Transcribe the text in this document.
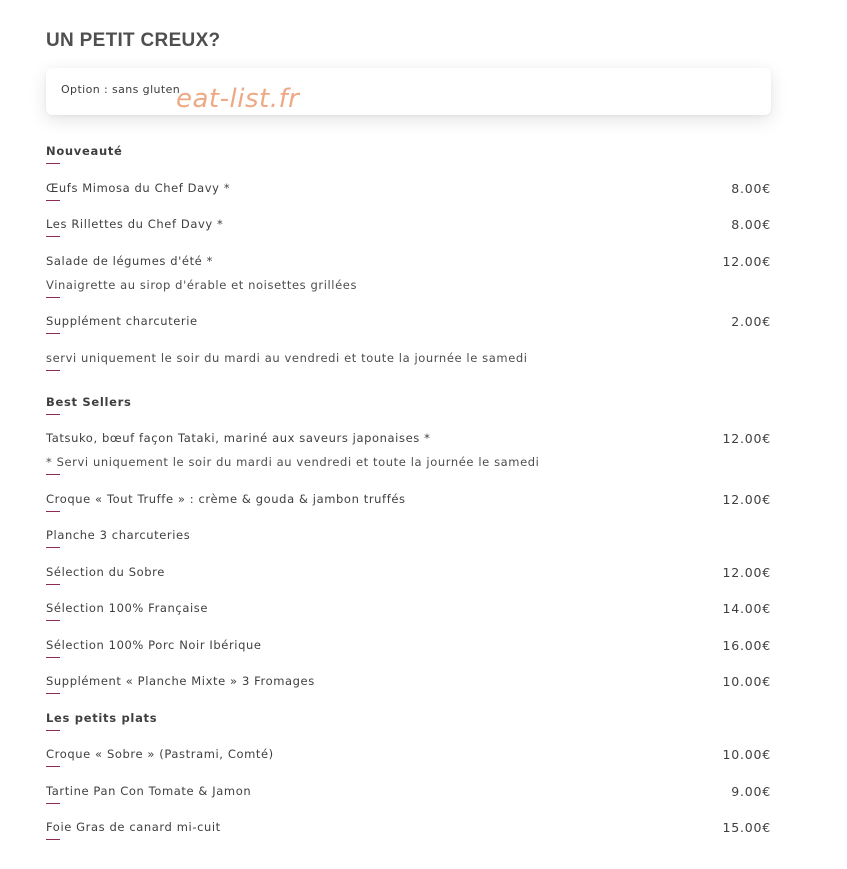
UN PETIT CREUX?
Option : sans gluten
eat-list.fr
Nouveauté
Œufs Mimosa du Chef Davy *	8.00€
Les Rillettes du Chef Davy *	8.00€
Salade de légumes d'été *	12.00€
Vinaigrette au sirop d'érable et noisettes grillées
Supplément charcuterie	2.00€
servi uniquement le soir du mardi au vendredi et toute la journée le samedi
Best Sellers
Tatsuko, bœuf façon Tataki, mariné aux saveurs japonaises *	12.00€
* Servi uniquement le soir du mardi au vendredi et toute la journée le samedi
Croque « Tout Truffe » : crème & gouda & jambon truffés	12.00€
Planche 3 charcuteries
Sélection du Sobre	12.00€
Sélection 100% Française	14.00€
Sélection 100% Porc Noir Ibérique	16.00€
Supplément « Planche Mixte » 3 Fromages	10.00€
Les petits plats
Croque « Sobre » (Pastrami, Comté)	10.00€
Tartine Pan Con Tomate & Jamon	9.00€
Foie Gras de canard mi-cuit	15.00€
